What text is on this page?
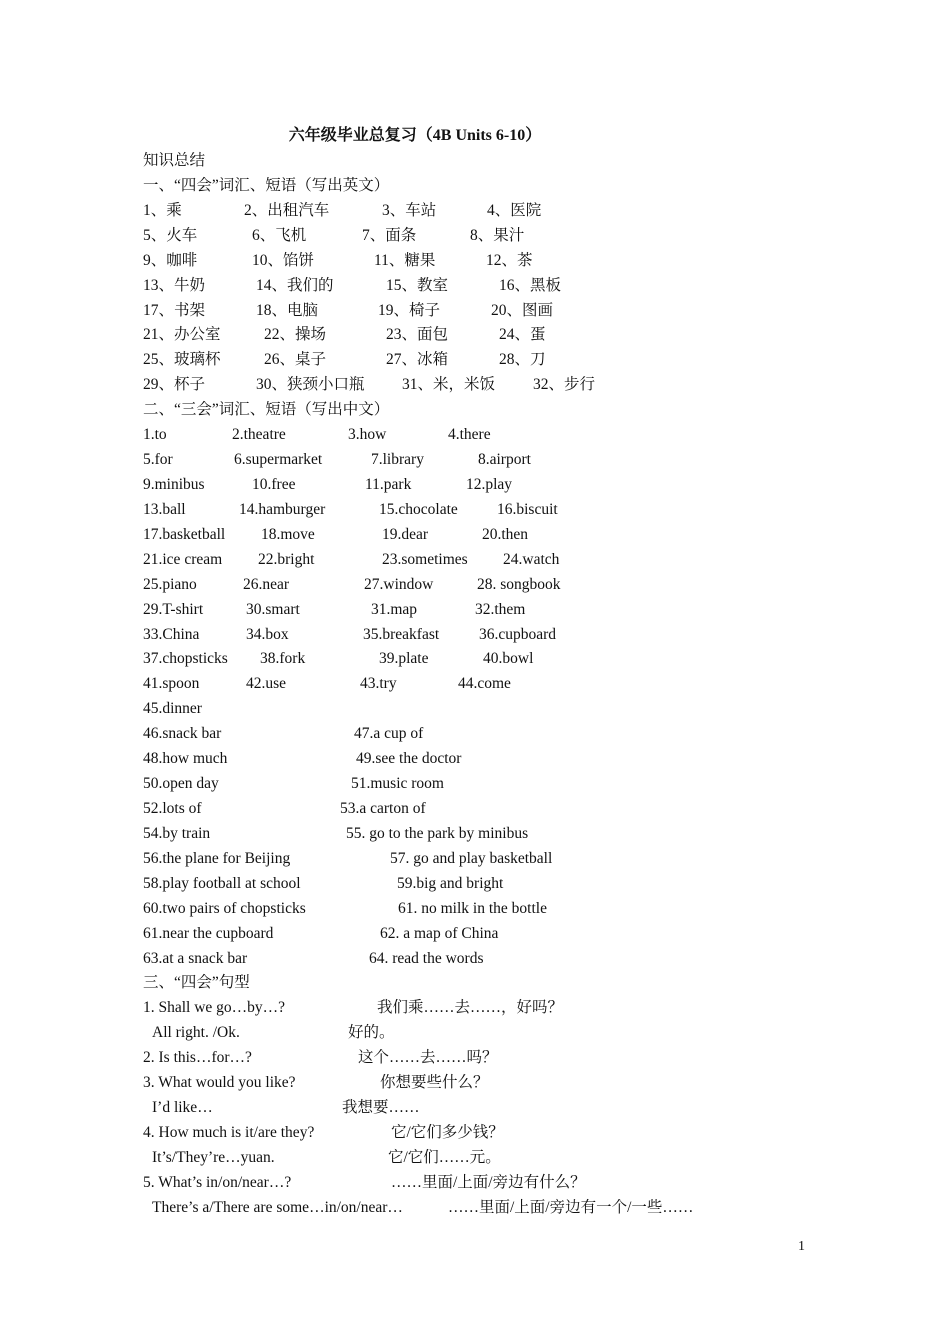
六年级毕业总复习（4B Units 6-10）
知识总结
一、“四会”词汇、短语（写出英文）
1、乘	2、出租汽车	3、车站	4、医院
5、火车	6、飞机	7、面条	8、果汁
9、咖啡	10、馅饼	11、糖果	12、茶
13、牛奶	14、我们的	15、教室	16、黑板
17、书架	18、电脑	19、椅子	20、图画
21、办公室	22、操场	23、面包	24、蛋
25、玻璃杯	26、桌子	27、冰箱	28、刀
29、杯子	30、狭颈小口瓶 31、米，米饭 32、步行
二、“三会”词汇、短语（写出中文）
1.to	2.theatre	3.how	4.there
5.for	6.supermarket	7.library	8.airport
9.minibus	10.free	11.park	12.play
13.ball	14.hamburger	15.chocolate	16.biscuit
17.basketball 18.move	19.dear	20.then
21.ice cream 22.bright	23.sometimes 24.watch
25.piano	26.near	27.window	28. songbook
29.T-shirt	30.smart	31.map	32.them
33.China	34.box	35.breakfast	36.cupboard
37.chopsticks 38.fork	39.plate	40.bowl
41.spoon	42.use	43.try	44.come
45.dinner
46.snack bar	47.a cup of
48.how much	49.see the doctor
50.open day	51.music room
52.lots of	53.a carton of
54.by train	55. go to the park by minibus
56.the plane for Beijing	57. go and play basketball
58.play football at school	59.big and bright
60.two pairs of chopsticks	61. no milk in the bottle
61.near the cupboard	62. a map of China
63.at a snack bar	64. read the words
三、“四会”句型
1. Shall we go…by…?	我们乘……去……，好吗？
All right. /Ok.	好的。
2. Is this…for…?	这个……去……吗？
3. What would you like?	你想要些什么？
I’d like…	我想要……
4. How much is it/are they?	它/它们多少钱？
It’s/They’re…yuan.	它/它们……元。
5. What’s in/on/near…?	……里面/上面/旁边有什么？
There’s a/There are some…in/on/near…	……里面/上面/旁边有一个/一些……
1
